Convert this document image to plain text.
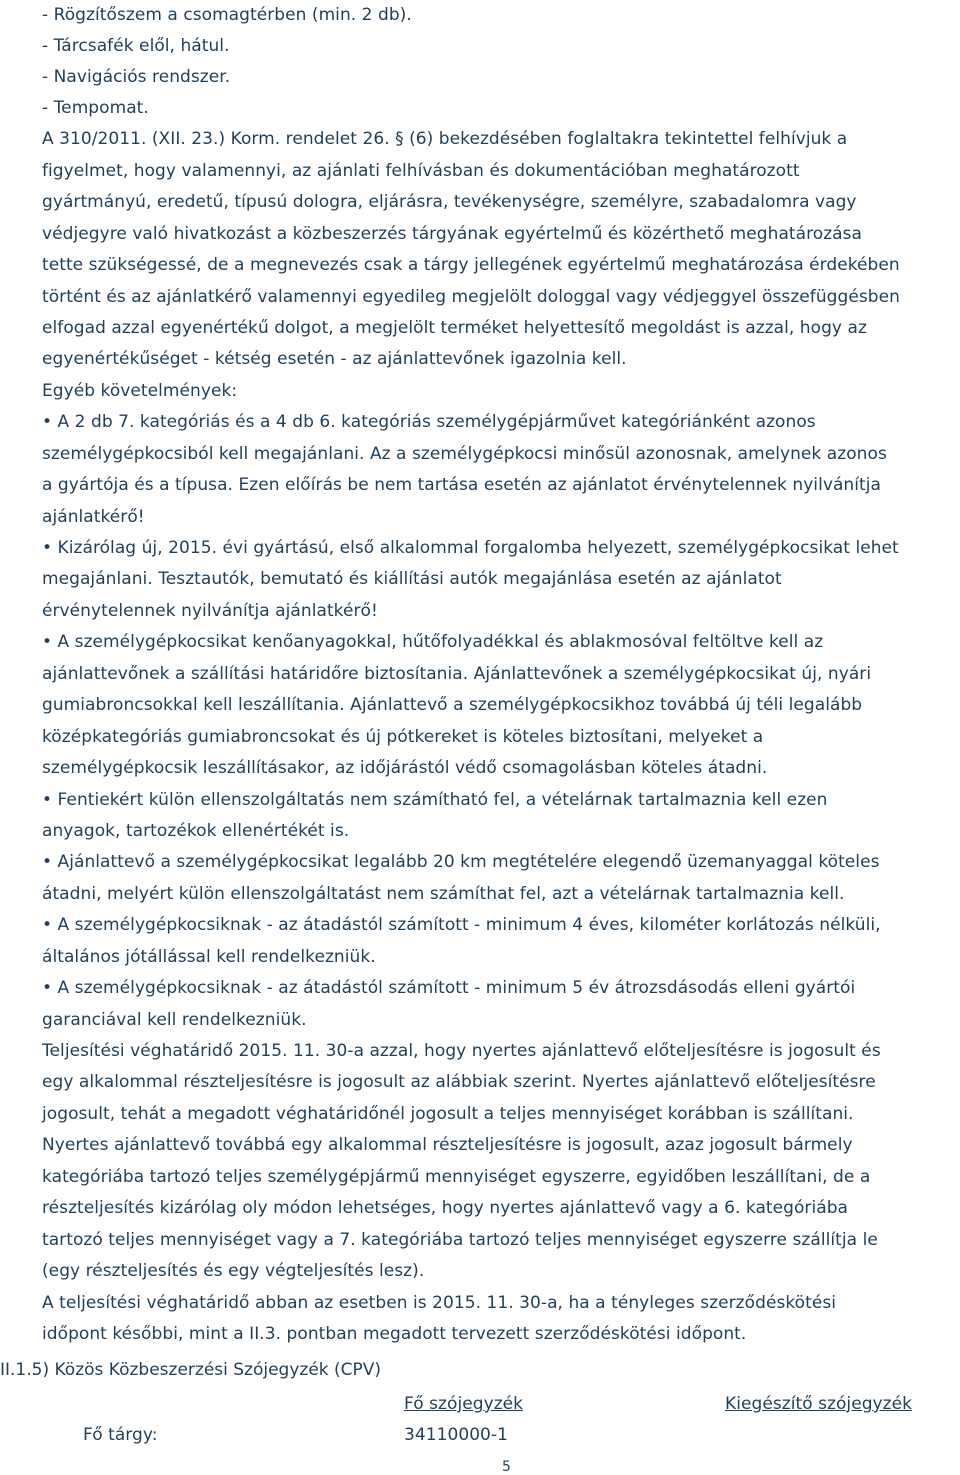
- Rögzítőszem a csomagtérben (min. 2 db).
- Tárcsafék elől, hátul.
- Navigációs rendszer.
- Tempomat.
A 310/2011. (XII. 23.) Korm. rendelet 26. § (6) bekezdésében foglaltakra tekintettel felhívjuk a
figyelmet, hogy valamennyi, az ajánlati felhívásban és dokumentációban meghatározott
gyártmányú, eredetű, típusú dologra, eljárásra, tevékenységre, személyre, szabadalomra vagy
védjegyre való hivatkozást a közbeszerzés tárgyának egyértelmű és közérthető meghatározása
tette szükségessé, de a megnevezés csak a tárgy jellegének egyértelmű meghatározása érdekében
történt és az ajánlatkérő valamennyi egyedileg megjelölt dologgal vagy védjeggyel összefüggésben
elfogad azzal egyenértékű dolgot, a megjelölt terméket helyettesítő megoldást is azzal, hogy az
egyenértékűséget - kétség esetén - az ajánlattevőnek igazolnia kell.
Egyéb követelmények:
• A 2 db 7. kategóriás és a 4 db 6. kategóriás személygépjárművet kategóriánként azonos
személygépkocsiból kell megajánlani. Az a személygépkocsi minősül azonosnak, amelynek azonos
a gyártója és a típusa. Ezen előírás be nem tartása esetén az ajánlatot érvénytelennek nyilvánítja
ajánlatkérő!
• Kizárólag új, 2015. évi gyártású, első alkalommal forgalomba helyezett, személygépkocsikat lehet
megajánlani. Tesztautók, bemutató és kiállítási autók megajánlása esetén az ajánlatot
érvénytelennek nyilvánítja ajánlatkérő!
• A személygépkocsikat kenőanyagokkal, hűtőfolyadékkal és ablakmosóval feltöltve kell az
ajánlattevőnek a szállítási határidőre biztosítania. Ajánlattevőnek a személygépkocsikat új, nyári
gumiabroncsokkal kell leszállítania. Ajánlattevő a személygépkocsikhoz továbbá új téli legalább
középkategóriás gumiabroncsokat és új pótkereket is köteles biztosítani, melyeket a
személygépkocsik leszállításakor, az időjárástól védő csomagolásban köteles átadni.
• Fentiekért külön ellenszolgáltatás nem számítható fel, a vételárnak tartalmaznia kell ezen
anyagok, tartozékok ellenértékét is.
• Ajánlattevő a személygépkocsikat legalább 20 km megtételére elegendő üzemanyaggal köteles
átadni, melyért külön ellenszolgáltatást nem számíthat fel, azt a vételárnak tartalmaznia kell.
• A személygépkocsiknak - az átadástól számított - minimum 4 éves, kilométer korlátozás nélküli,
általános jótállással kell rendelkezniük.
• A személygépkocsiknak - az átadástól számított - minimum 5 év átrozsdásodás elleni gyártói
garanciával kell rendelkezniük.
Teljesítési véghatáridő 2015. 11. 30-a azzal, hogy nyertes ajánlattevő előteljesítésre is jogosult és
egy alkalommal részteljesítésre is jogosult az alábbiak szerint. Nyertes ajánlattevő előteljesítésre
jogosult, tehát a megadott véghatáridőnél jogosult a teljes mennyiséget korábban is szállítani.
Nyertes ajánlattevő továbbá egy alkalommal részteljesítésre is jogosult, azaz jogosult bármely
kategóriába tartozó teljes személygépjármű mennyiséget egyszerre, egyidőben leszállítani, de a
részteljesítés kizárólag oly módon lehetséges, hogy nyertes ajánlattevő vagy a 6. kategóriába
tartozó teljes mennyiséget vagy a 7. kategóriába tartozó teljes mennyiséget egyszerre szállítja le
(egy részteljesítés és egy végteljesítés lesz).
A teljesítési véghatáridő abban az esetben is 2015. 11. 30-a, ha a tényleges szerződéskötési
időpont későbbi, mint a II.3. pontban megadott tervezett szerződéskötési időpont.
II.1.5) Közös Közbeszerzési Szójegyzék (CPV)
Fő szójegyzék	Kiegészítő szójegyzék
Fő tárgy:	34110000-1
5
